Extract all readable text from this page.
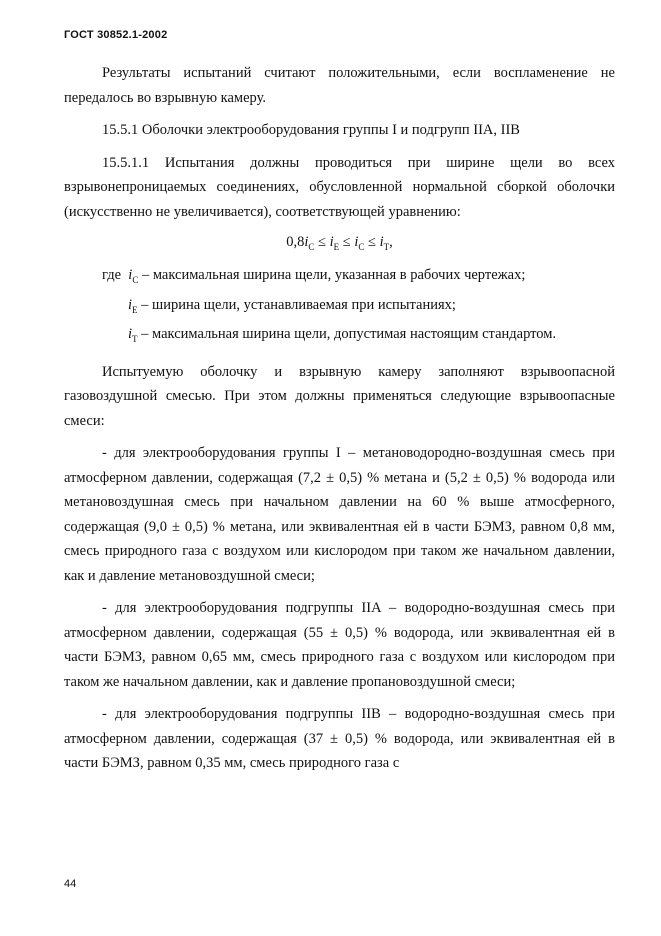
ГОСТ 30852.1-2002

Результаты испытаний считают положительными, если воспламенение не передалось во взрывную камеру.

15.5.1 Оболочки электрооборудования группы I и подгрупп IIA, IIB

15.5.1.1 Испытания должны проводиться при ширине щели во всех взрывонепроницаемых соединениях, обусловленной нормальной сборкой оболочки (искусственно не увеличивается), соответствующей уравнению:

$0,8i_C \le i_E \le i_C \le i_T$,

где $i_C$ – максимальная ширина щели, указанная в рабочих чертежах;

$i_E$ – ширина щели, устанавливаемая при испытаниях;

$i_T$ – максимальная ширина щели, допустимая настоящим стандартом.

Испытуемую оболочку и взрывную камеру заполняют взрывоопасной газовоздушной смесью. При этом должны применяться следующие взрывоопасные смеси:

- для электрооборудования группы I – метановодородно-воздушная смесь при атмосферном давлении, содержащая (7,2 ± 0,5) % метана и (5,2 ± 0,5) % водорода или метановоздушная смесь при начальном давлении на 60 % выше атмосферного, содержащая (9,0 ± 0,5) % метана, или эквивалентная ей в части БЭМЗ, равном 0,8 мм, смесь природного газа с воздухом или кислородом при таком же начальном давлении, как и давление метановоздушной смеси;

- для электрооборудования подгруппы IIA – водородно-воздушная смесь при атмосферном давлении, содержащая (55 ± 0,5) % водорода, или эквивалентная ей в части БЭМЗ, равном 0,65 мм, смесь природного газа с воздухом или кислородом при таком же начальном давлении, как и давление пропановоздушной смеси;

- для электрооборудования подгруппы IIB – водородно-воздушная смесь при атмосферном давлении, содержащая (37 ± 0,5) % водорода, или эквивалентная ей в части БЭМЗ, равном 0,35 мм, смесь природного газа с

44
